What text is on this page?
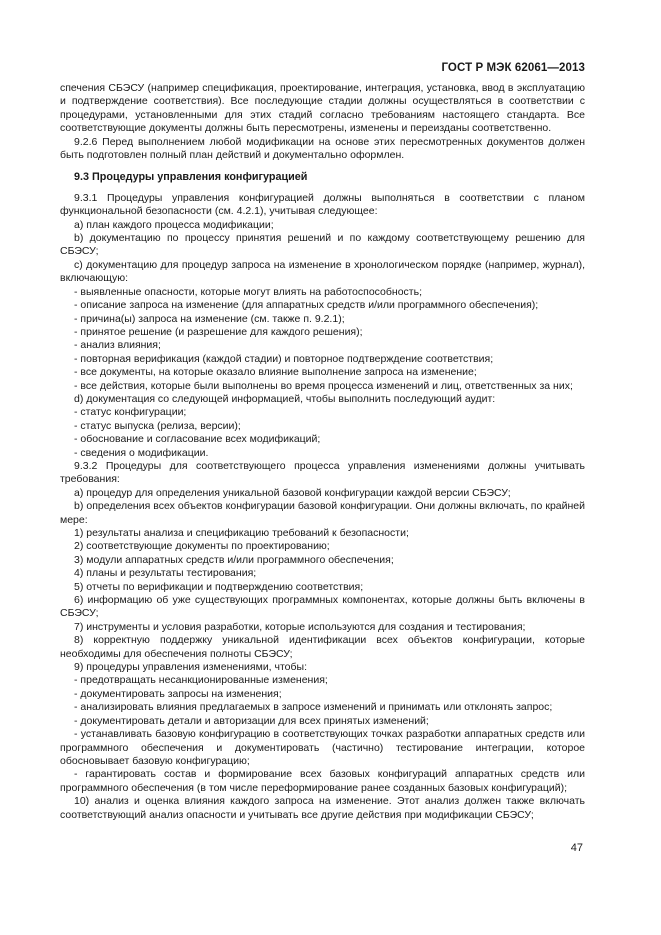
ГОСТ Р МЭК 62061—2013

спечения СБЭСУ (например спецификация, проектирование, интеграция, установка, ввод в эксплуатацию и подтверждение соответствия). Все последующие стадии должны осуществляться в соответствии с процедурами, установленными для этих стадий согласно требованиям настоящего стандарта. Все соответствующие документы должны быть пересмотрены, изменены и переизданы соответственно.

9.2.6 Перед выполнением любой модификации на основе этих пересмотренных документов должен быть подготовлен полный план действий и документально оформлен.

9.3 Процедуры управления конфигурацией

9.3.1 Процедуры управления конфигурацией должны выполняться в соответствии с планом функциональной безопасности (см. 4.2.1), учитывая следующее:

а) план каждого процесса модификации;

b) документацию по процессу принятия решений и по каждому соответствующему решению для СБЭСУ;

c) документацию для процедур запроса на изменение в хронологическом порядке (например, журнал), включающую:

- выявленные опасности, которые могут влиять на работоспособность;

- описание запроса на изменение (для аппаратных средств и/или программного обеспечения);

- причина(ы) запроса на изменение (см. также п. 9.2.1);

- принятое решение (и разрешение для каждого решения);

- анализ влияния;

- повторная верификация (каждой стадии) и повторное подтверждение соответствия;

- все документы, на которые оказало влияние выполнение запроса на изменение;

- все действия, которые были выполнены во время процесса изменений и лиц, ответственных за них;

d) документация со следующей информацией, чтобы выполнить последующий аудит:

- статус конфигурации;

- статус выпуска (релиза, версии);

- обоснование и согласование всех модификаций;

- сведения о модификации.

9.3.2 Процедуры для соответствующего процесса управления изменениями должны учитывать требования:

а) процедур для определения уникальной базовой конфигурации каждой версии СБЭСУ;

b) определения всех объектов конфигурации базовой конфигурации. Они должны включать, по крайней мере:

1) результаты анализа и спецификацию требований к безопасности;

2) соответствующие документы по проектированию;

3) модули аппаратных средств и/или программного обеспечения;

4) планы и результаты тестирования;

5) отчеты по верификации и подтверждению соответствия;

6) информацию об уже существующих программных компонентах, которые должны быть включены в СБЭСУ;

7) инструменты и условия разработки, которые используются для создания и тестирования;

8) корректную поддержку уникальной идентификации всех объектов конфигурации, которые необходимы для обеспечения полноты СБЭСУ;

9) процедуры управления изменениями, чтобы:

- предотвращать несанкционированные изменения;

- документировать запросы на изменения;

- анализировать влияния предлагаемых в запросе изменений и принимать или отклонять запрос;

- документировать детали и авторизации для всех принятых изменений;

- устанавливать базовую конфигурацию в соответствующих точках разработки аппаратных средств или программного обеспечения и документировать (частично) тестирование интеграции, которое обосновывает базовую конфигурацию;

- гарантировать состав и формирование всех базовых конфигураций аппаратных средств или программного обеспечения (в том числе переформирование ранее созданных базовых конфигураций);

10) анализ и оценка влияния каждого запроса на изменение. Этот анализ должен также включать соответствующий анализ опасности и учитывать все другие действия при модификации СБЭСУ;

47
